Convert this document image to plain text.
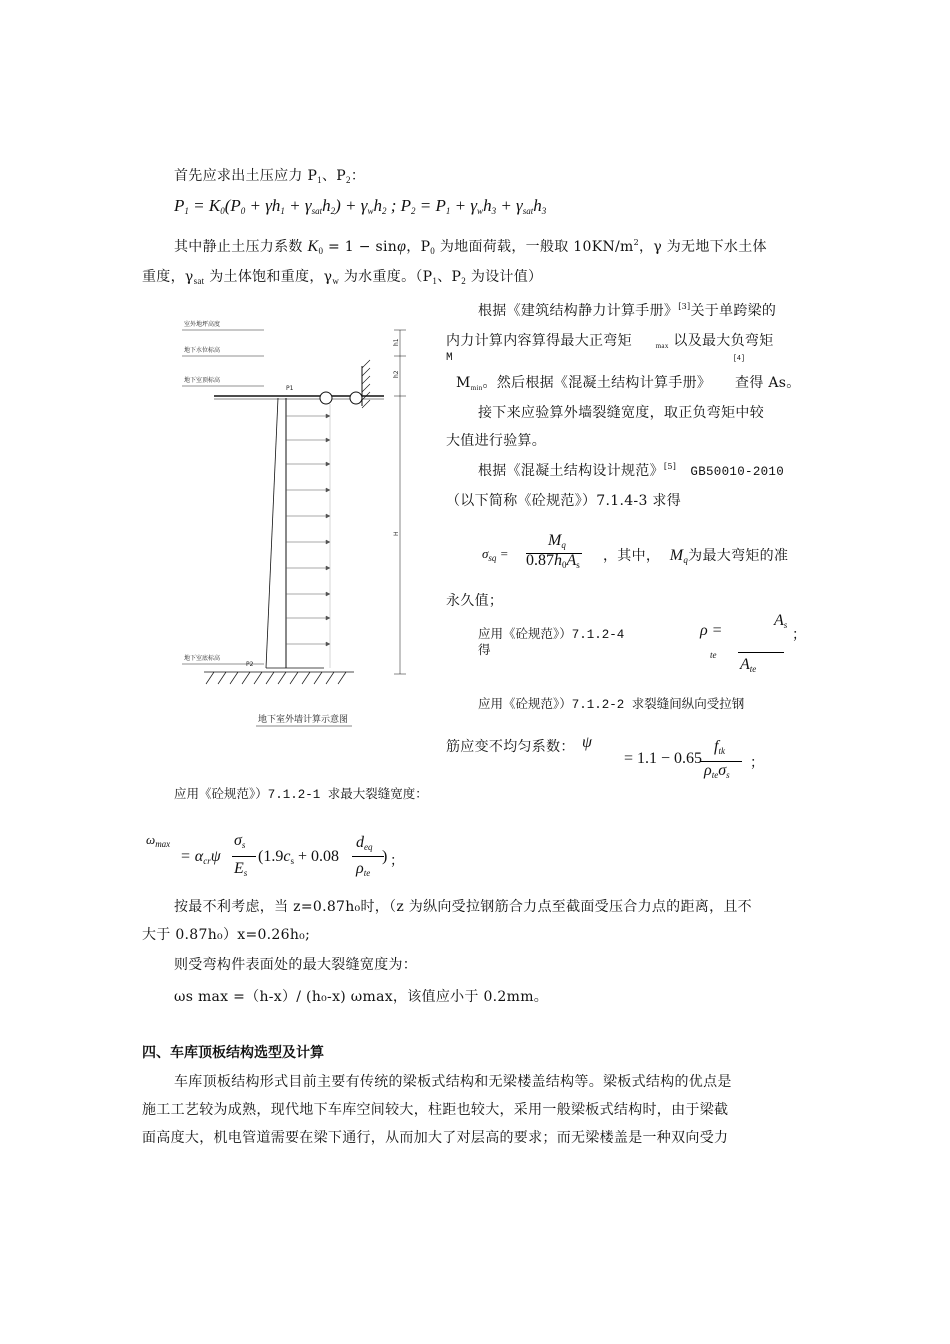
首先应求出土压应力 $P_1$、$P_2$：
$P_1 = K_0(P_0 + \gamma h_1 + \gamma_{sat}h_2) + \gamma_wh_2$ ; $P_2 = P_1 + \gamma_wh_3 + \gamma_{sat}h_3$
其中静止土压力系数 $K_0 = 1 - \sin\varphi$，$P_0$ 为地面荷载，一般取 $10KN/m^2$，γ 为无地下水土体
重度，$\gamma_{sat}$ 为土体饱和重度，$\gamma_w$ 为水重度。（$P_1$、$P_2$ 为设计值）
根据《建筑结构静力计算手册》[3]关于单跨梁的
内力计算内容算得最大正弯矩	$_{max}$ 以及最大负弯矩
M	[4]
$M_{min}$。然后根据《混凝土结构计算手册》 查得 As。
接下来应验算外墙裂缝宽度，取正负弯矩中较
大值进行验算。
根据《混凝土结构设计规范》[5] GB50010-2010
（以下简称《砼规范》）7.1.4-3 求得
$\sigma_{sq}$ =
$M_q$
$0.87h_0A_s$
，其中， $M_q$为最大弯矩的准
永久值；
应用《砼规范》）7.1.2-4
得
ρ =
te
$A_s$
$A_{te}$
；
应用《砼规范》）7.1.2-2 求裂缝间纵向受拉钢
筋应变不均匀系数： ψ
= 1.1 − 0.65
$f_{tk}$
$\rho_{te}\sigma_s$
；
应用《砼规范》）7.1.2-1 求最大裂缝宽度：
$\omega_{max}$
= $\alpha_{cr}\psi$
$\sigma_s$
$E_s$
($1.9c_s + 0.08$
$d_{eq}$
$\rho_{te}$
) ；
按最不利考虑，当 z=0.87h₀时，（z 为纵向受拉钢筋合力点至截面受压合力点的距离，且不
大于 0.87h₀）x=0.26h₀;
则受弯构件表面处的最大裂缝宽度为：
ωs max =（h-x）/ (h₀-x) ωmax，该值应小于 0.2mm。
四、车库顶板结构选型及计算
车库顶板结构形式目前主要有传统的梁板式结构和无梁楼盖结构等。梁板式结构的优点是
施工工艺较为成熟，现代地下车库空间较大，柱距也较大，采用一般梁板式结构时，由于梁截
面高度大，机电管道需要在梁下通行，从而加大了对层高的要求；而无梁楼盖是一种双向受力
室外地坪高度
地下水位标高
地下室顶标高
地下室底标高
P1
h1
h2
H
P2
地下室外墙计算示意图
